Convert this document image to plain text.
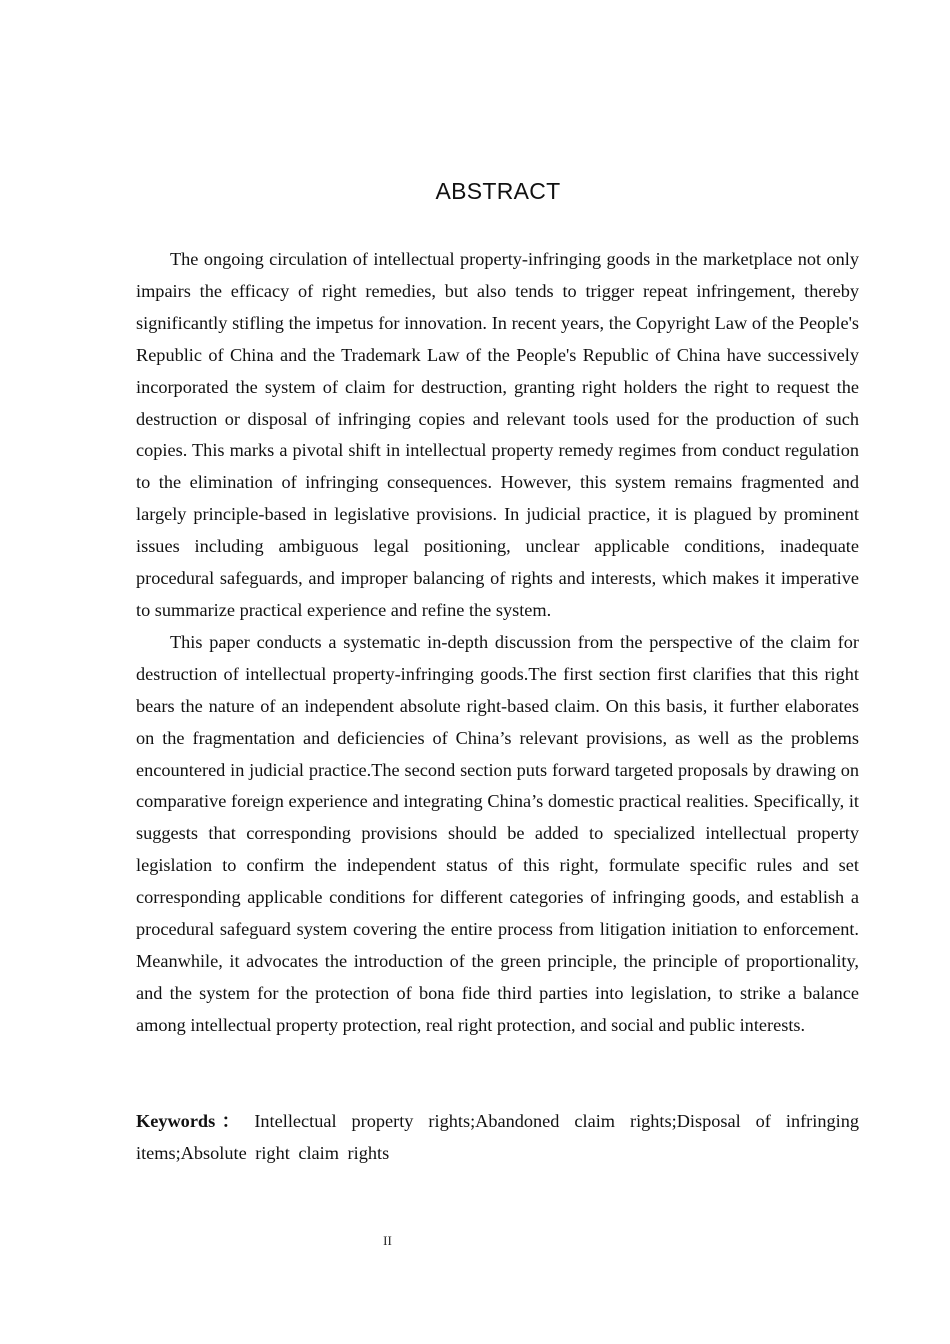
ABSTRACT

The ongoing circulation of intellectual property-infringing goods in the marketplace not only impairs the efficacy of right remedies, but also tends to trigger repeat infringement, thereby significantly stifling the impetus for innovation. In recent years, the Copyright Law of the People's Republic of China and the Trademark Law of the People's Republic of China have successively incorporated the system of claim for destruction, granting right holders the right to request the destruction or disposal of infringing copies and relevant tools used for the production of such copies. This marks a pivotal shift in intellectual property remedy regimes from conduct regulation to the elimination of infringing consequences. However, this system remains fragmented and largely principle-based in legislative provisions. In judicial practice, it is plagued by prominent issues including ambiguous legal positioning, unclear applicable conditions, inadequate procedural safeguards, and improper balancing of rights and interests, which makes it imperative to summarize practical experience and refine the system.

This paper conducts a systematic in-depth discussion from the perspective of the claim for destruction of intellectual property-infringing goods.The first section first clarifies that this right bears the nature of an independent absolute right-based claim. On this basis, it further elaborates on the fragmentation and deficiencies of China’s relevant provisions, as well as the problems encountered in judicial practice.The second section puts forward targeted proposals by drawing on comparative foreign experience and integrating China’s domestic practical realities. Specifically, it suggests that corresponding provisions should be added to specialized intellectual property legislation to confirm the independent status of this right, formulate specific rules and set corresponding applicable conditions for different categories of infringing goods, and establish a procedural safeguard system covering the entire process from litigation initiation to enforcement. Meanwhile, it advocates the introduction of the green principle, the principle of proportionality, and the system for the protection of bona fide third parties into legislation, to strike a balance among intellectual property protection, real right protection, and social and public interests.

Keywords： Intellectual property rights;Abandoned claim rights;Disposal of infringing items;Absolute right claim rights
II
